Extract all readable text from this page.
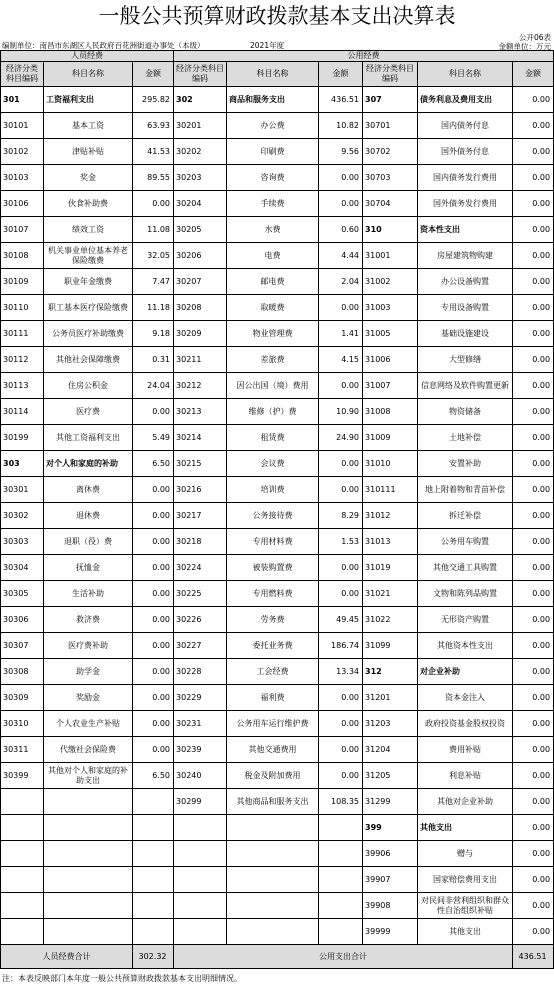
一般公共预算财政拨款基本支出决算表
公开06表
编制单位：南昌市东湖区人民政府百花洲街道办事处（本级）	2021年度	金额单位：万元
人员经费			公用经费					
经济分类科目编码	科目名称	金额	经济分类科目编码	科目名称	金额	经济分类科目编码	科目名称	金额
301	工资福利支出	295.82	302	商品和服务支出	436.51	307	债务利息及费用支出	0.00
30101	基本工资	63.93	30201	办公费	10.82	30701	国内债务付息	0.00
30102	津贴补贴	41.53	30202	印刷费	9.56	30702	国外债务付息	0.00
30103	奖金	89.55	30203	咨询费	0.00	30703	国内债务发行费用	0.00
30106	伙食补助费	0.00	30204	手续费	0.00	30704	国外债务发行费用	0.00
30107	绩效工资	11.08	30205	水费	0.60	310	资本性支出	0.00
30108	机关事业单位基本养老保险缴费	32.05	30206	电费	4.44	31001	房屋建筑物购建	0.00
30109	职业年金缴费	7.47	30207	邮电费	2.04	31002	办公设备购置	0.00
30110	职工基本医疗保险缴费	11.18	30208	取暖费	0.00	31003	专用设备购置	0.00
30111	公务员医疗补助缴费	9.18	30209	物业管理费	1.41	31005	基础设施建设	0.00
30112	其他社会保障缴费	0.31	30211	差旅费	4.15	31006	大型修缮	0.00
30113	住房公积金	24.04	30212	因公出国（境）费用	0.00	31007	信息网络及软件购置更新	0.00
30114	医疗费	0.00	30213	维修（护）费	10.90	31008	物资储备	0.00
30199	其他工资福利支出	5.49	30214	租赁费	24.90	31009	土地补偿	0.00
303	对个人和家庭的补助	6.50	30215	会议费	0.00	31010	安置补助	0.00
30301	离休费	0.00	30216	培训费	0.00	310111	地上附着物和青苗补偿	0.00
30302	退休费	0.00	30217	公务接待费	8.29	31012	拆迁补偿	0.00
30303	退职（役）费	0.00	30218	专用材料费	1.53	31013	公务用车购置	0.00
30304	抚恤金	0.00	30224	被装购置费	0.00	31019	其他交通工具购置	0.00
30305	生活补助	0.00	30225	专用燃料费	0.00	31021	文物和陈列品购置	0.00
30306	救济费	0.00	30226	劳务费	49.45	31022	无形资产购置	0.00
30307	医疗费补助	0.00	30227	委托业务费	186.74	31099	其他资本性支出	0.00
30308	助学金	0.00	30228	工会经费	13.34	312	对企业补助	0.00
30309	奖励金	0.00	30229	福利费	0.00	31201	资本金注入	0.00
30310	个人农业生产补贴	0.00	30231	公务用车运行维护费	0.00	31203	政府投资基金股权投资	0.00
30311	代缴社会保险费	0.00	30239	其他交通费用	0.00	31204	费用补贴	0.00
30399	其他对个人和家庭的补助支出	6.50	30240	税金及附加费用	0.00	31205	利息补贴	0.00
			30299	其他商品和服务支出	108.35	31299	其他对企业补助	0.00
						399	其他支出	0.00
						39906	赠与	0.00
						39907	国家赔偿费用支出	0.00
						39908	对民间非营利组织和群众性自治组织补贴	0.00
						39999	其他支出	0.00
人员经费合计		302.32	公用支出合计					436.51
注：本表反映部门本年度一般公共预算财政拨款基本支出明细情况。
